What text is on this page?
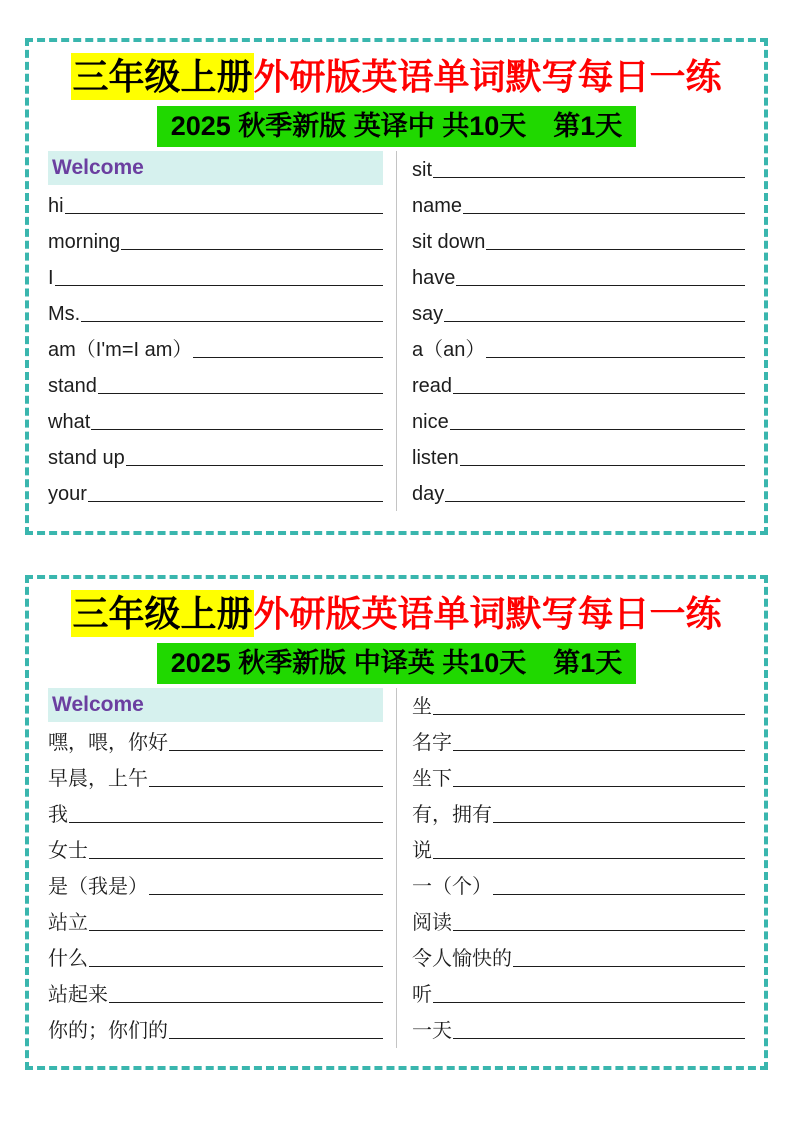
三年级上册外研版英语单词默写每日一练
2025 秋季新版 英译中 共10天　第1天
Welcome
hi
morning
I
Ms.
am（I'm=I am）
stand
what
stand up
your
sit
name
sit down
have
say
a（an）
read
nice
listen
day
三年级上册外研版英语单词默写每日一练
2025 秋季新版 中译英 共10天　第1天
Welcome
嘿，喂，你好
早晨，上午
我
女士
是（我是）
站立
什么
站起来
你的；你们的
坐
名字
坐下
有，拥有
说
一（个）
阅读
令人愉快的
听
一天
